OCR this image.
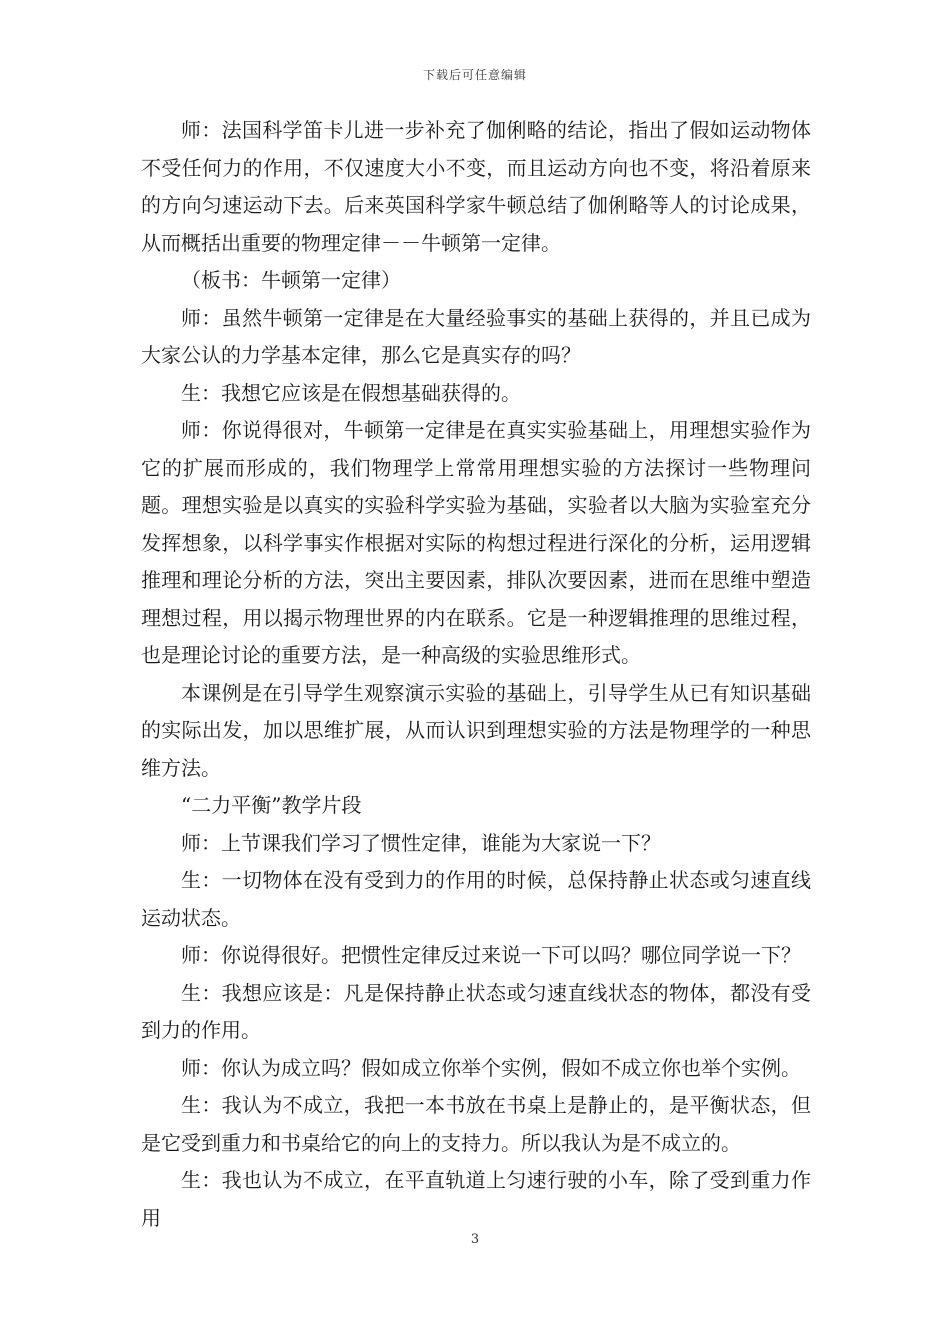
下载后可任意编辑

师：法国科学笛卡儿进一步补充了伽俐略的结论，指出了假如运动物体不受任何力的作用，不仅速度大小不变，而且运动方向也不变，将沿着原来的方向匀速运动下去。后来英国科学家牛顿总结了伽俐略等人的讨论成果，从而概括出重要的物理定律－－牛顿第一定律。

（板书：牛顿第一定律）

师：虽然牛顿第一定律是在大量经验事实的基础上获得的，并且已成为大家公认的力学基本定律，那么它是真实存的吗？

生：我想它应该是在假想基础获得的。

师：你说得很对，牛顿第一定律是在真实实验基础上，用理想实验作为它的扩展而形成的，我们物理学上常常用理想实验的方法探讨一些物理问题。理想实验是以真实的实验科学实验为基础，实验者以大脑为实验室充分发挥想象，以科学事实作根据对实际的构想过程进行深化的分析，运用逻辑推理和理论分析的方法，突出主要因素，排队次要因素，进而在思维中塑造理想过程，用以揭示物理世界的内在联系。它是一种逻辑推理的思维过程，也是理论讨论的重要方法，是一种高级的实验思维形式。

本课例是在引导学生观察演示实验的基础上，引导学生从已有知识基础的实际出发，加以思维扩展，从而认识到理想实验的方法是物理学的一种思维方法。

“二力平衡”教学片段

师：上节课我们学习了惯性定律，谁能为大家说一下？

生：一切物体在没有受到力的作用的时候，总保持静止状态或匀速直线运动状态。

师：你说得很好。把惯性定律反过来说一下可以吗？哪位同学说一下？

生：我想应该是：凡是保持静止状态或匀速直线状态的物体，都没有受到力的作用。

师：你认为成立吗？假如成立你举个实例，假如不成立你也举个实例。

生：我认为不成立，我把一本书放在书桌上是静止的，是平衡状态，但是它受到重力和书桌给它的向上的支持力。所以我认为是不成立的。

生：我也认为不成立，在平直轨道上匀速行驶的小车，除了受到重力作用

3
